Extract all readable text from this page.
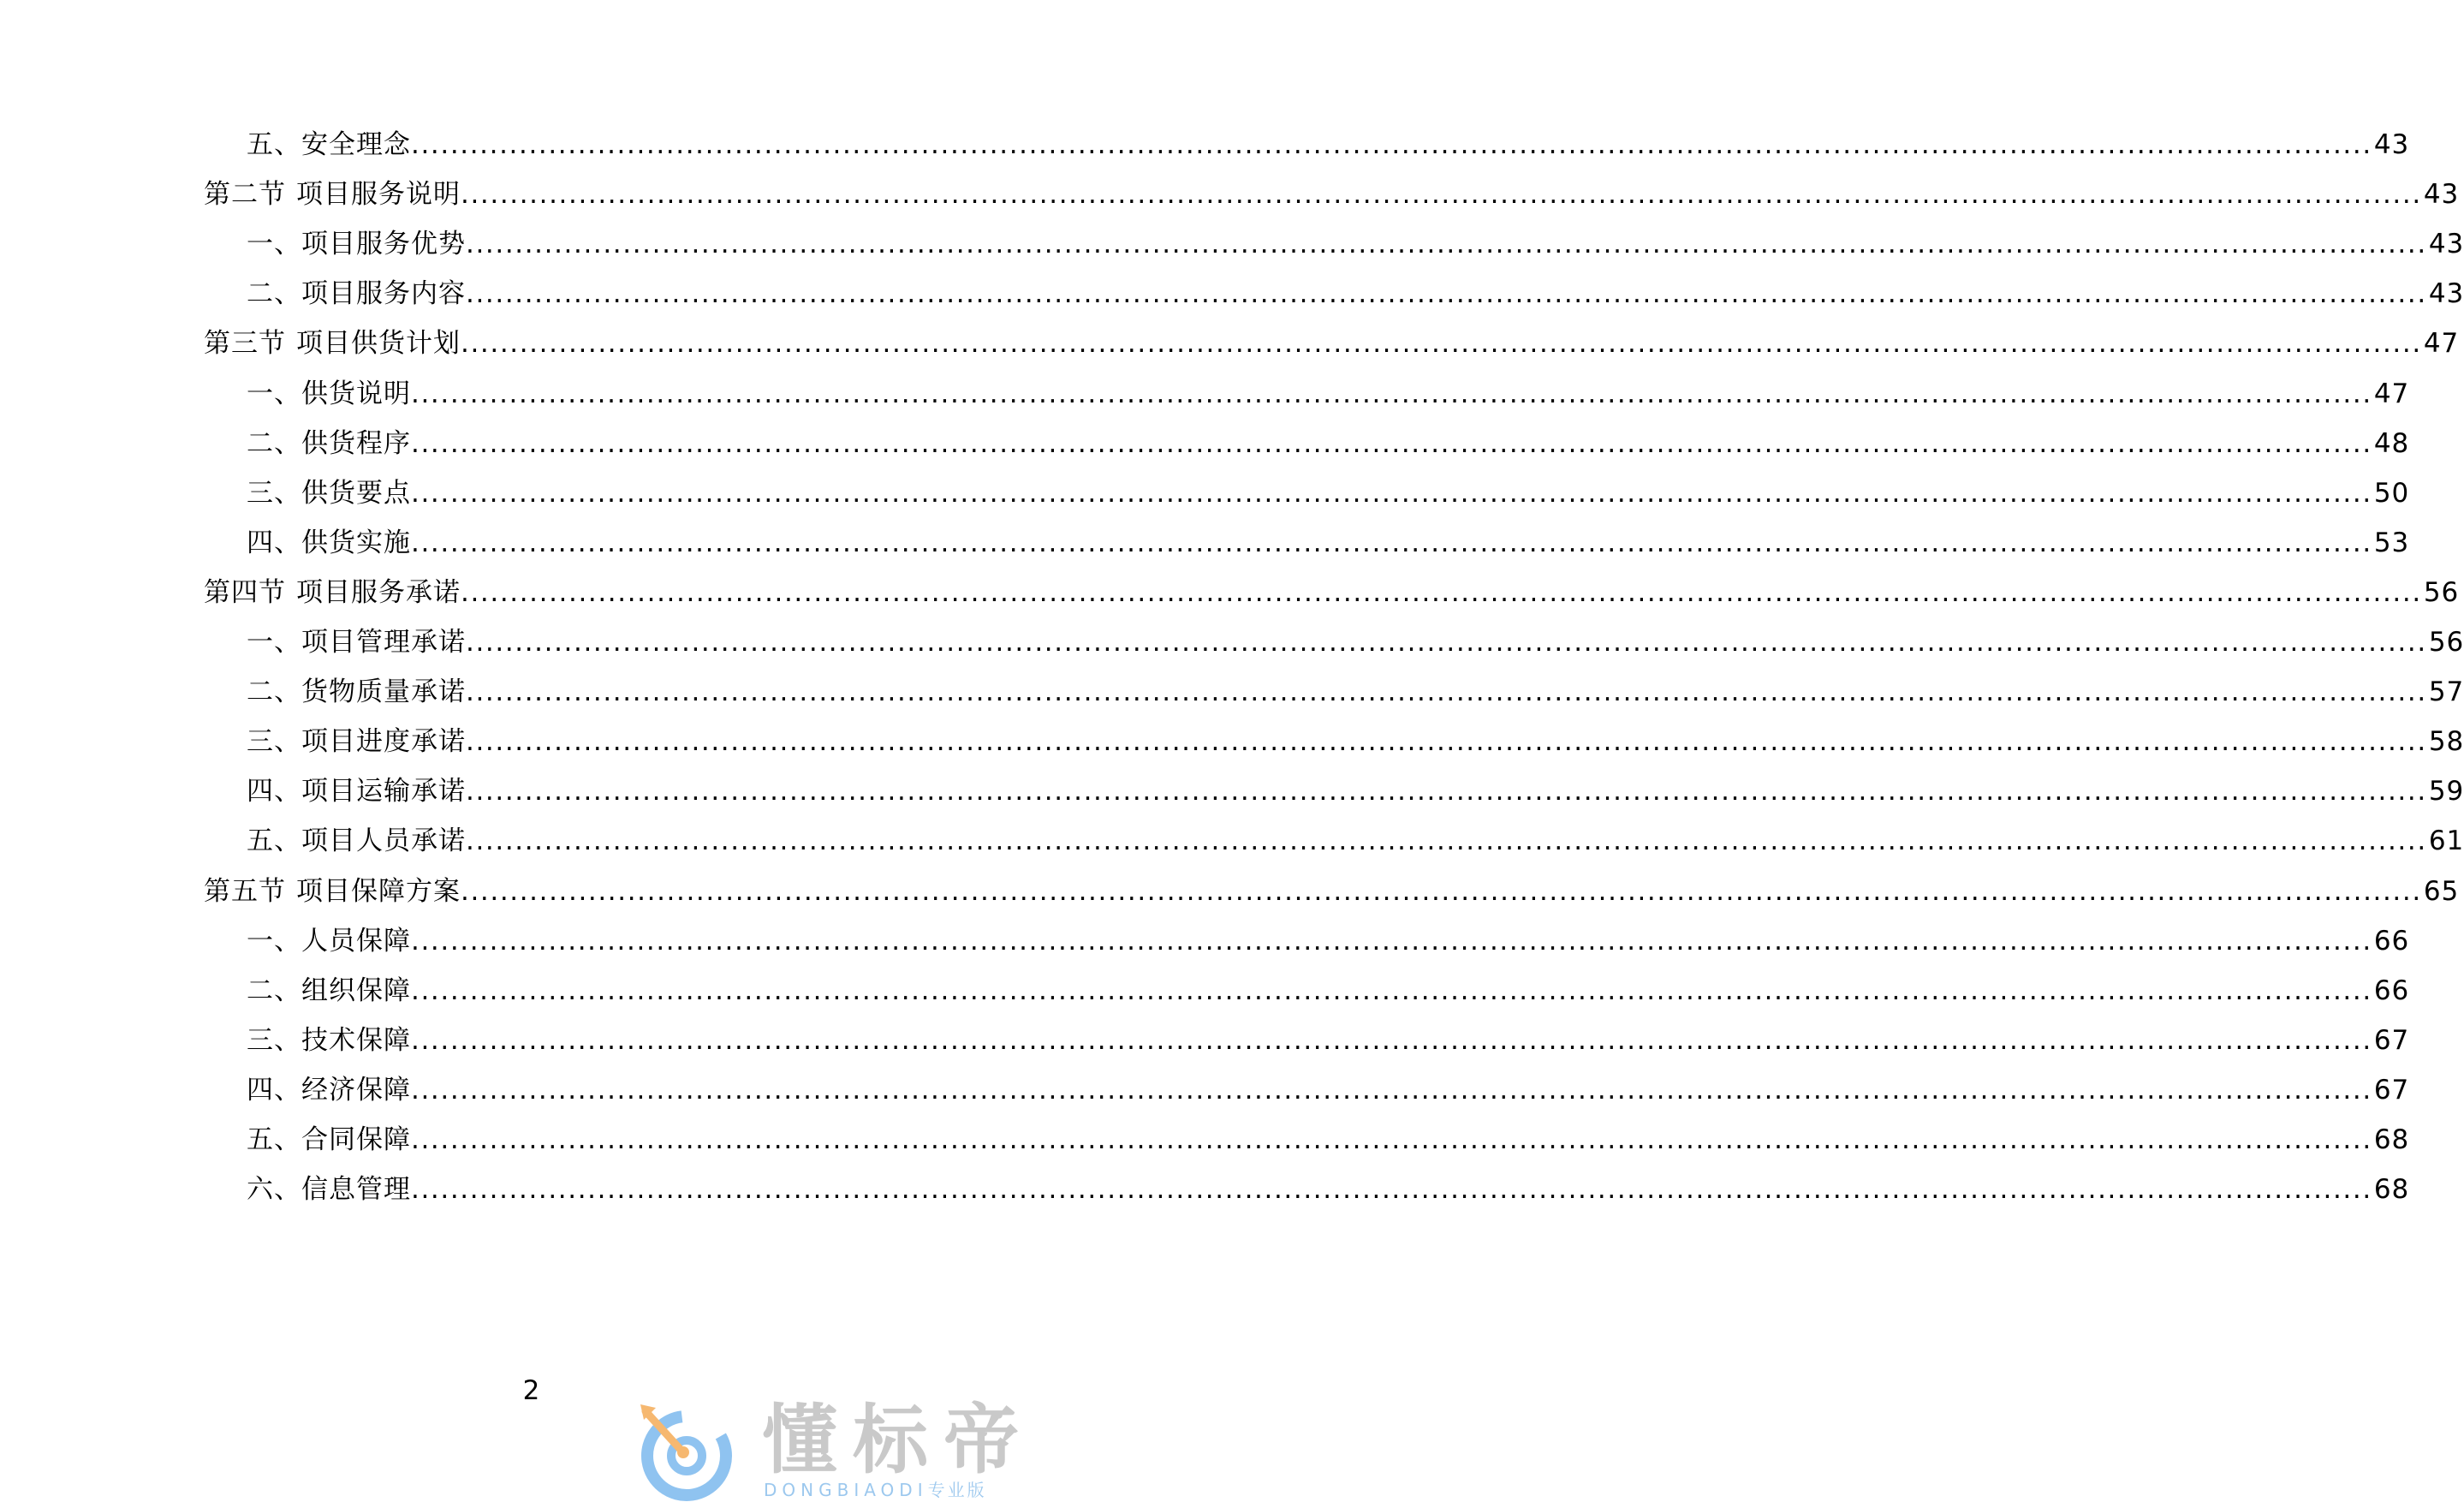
五、安全理念 ........................................................................................................................................................................................................ 43
第二节 项目服务说明 ........................................................................................................................................................................................................ 43
一、项目服务优势 ........................................................................................................................................................................................................ 43
二、项目服务内容 ........................................................................................................................................................................................................ 43
第三节 项目供货计划 ........................................................................................................................................................................................................ 47
一、供货说明 ........................................................................................................................................................................................................ 47
二、供货程序 ........................................................................................................................................................................................................ 48
三、供货要点 ........................................................................................................................................................................................................ 50
四、供货实施 ........................................................................................................................................................................................................ 53
第四节 项目服务承诺 ........................................................................................................................................................................................................ 56
一、项目管理承诺 ........................................................................................................................................................................................................ 56
二、货物质量承诺 ........................................................................................................................................................................................................ 57
三、项目进度承诺 ........................................................................................................................................................................................................ 58
四、项目运输承诺 ........................................................................................................................................................................................................ 59
五、项目人员承诺 ........................................................................................................................................................................................................ 61
第五节 项目保障方案 ........................................................................................................................................................................................................ 65
一、人员保障 ........................................................................................................................................................................................................ 66
二、组织保障 ........................................................................................................................................................................................................ 66
三、技术保障 ........................................................................................................................................................................................................ 67
四、经济保障 ........................................................................................................................................................................................................ 67
五、合同保障 ........................................................................................................................................................................................................ 68
六、信息管理 ........................................................................................................................................................................................................ 68
2
懂标帝
DONGBIAODI专业版
